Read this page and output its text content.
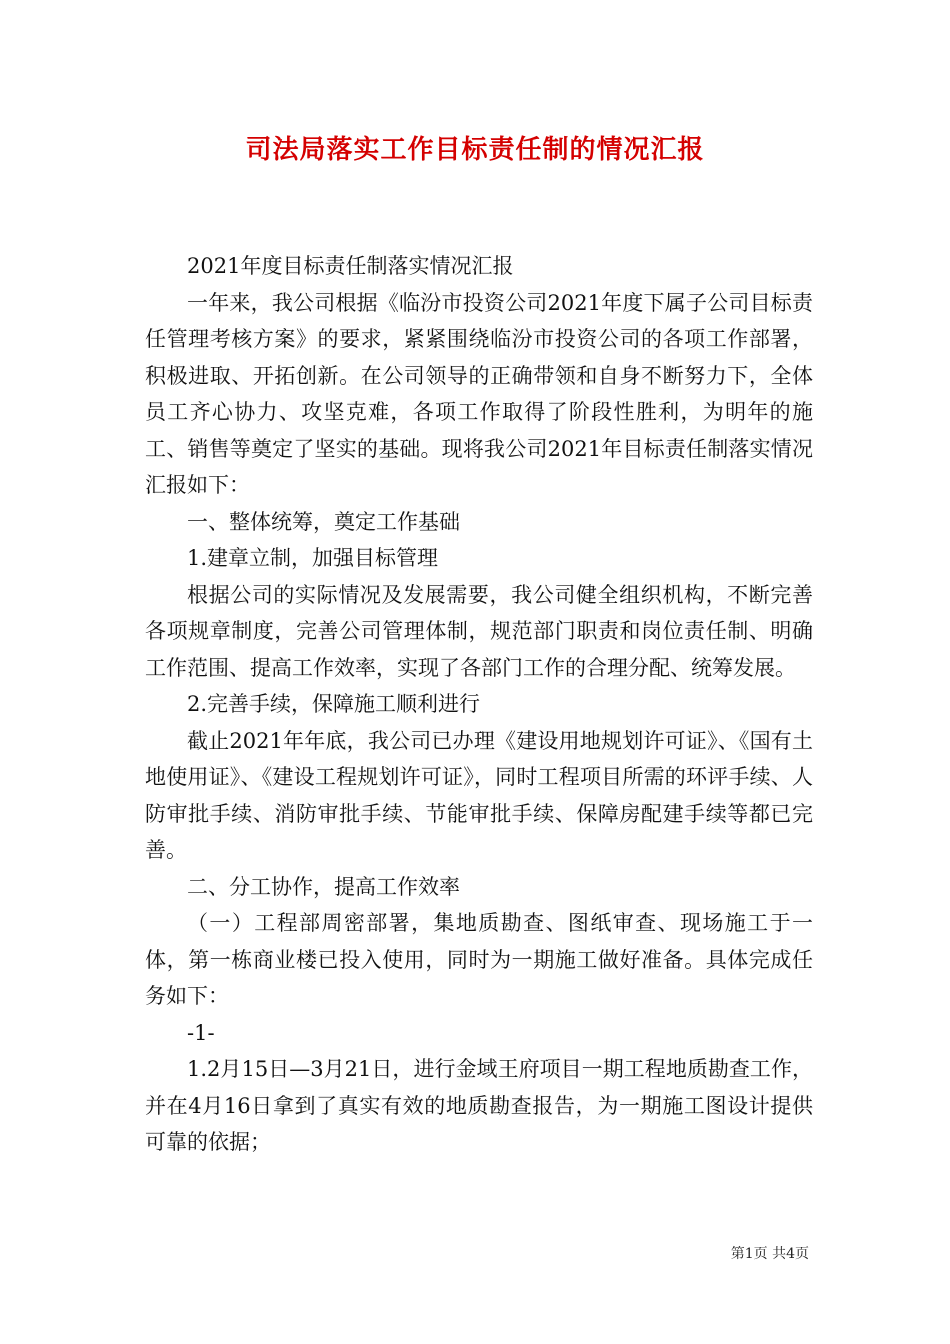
司法局落实工作目标责任制的情况汇报

2021年度目标责任制落实情况汇报

一年来，我公司根据《临汾市投资公司2021年度下属子公司目标责任管理考核方案》的要求，紧紧围绕临汾市投资公司的各项工作部署，积极进取、开拓创新。在公司领导的正确带领和自身不断努力下，全体员工齐心协力、攻坚克难，各项工作取得了阶段性胜利，为明年的施工、销售等奠定了坚实的基础。现将我公司2021年目标责任制落实情况汇报如下：

一、整体统筹，奠定工作基础

1.建章立制，加强目标管理

根据公司的实际情况及发展需要，我公司健全组织机构，不断完善各项规章制度，完善公司管理体制，规范部门职责和岗位责任制、明确工作范围、提高工作效率，实现了各部门工作的合理分配、统筹发展。

2.完善手续，保障施工顺利进行

截止2021年年底，我公司已办理《建设用地规划许可证》、《国有土地使用证》、《建设工程规划许可证》，同时工程项目所需的环评手续、人防审批手续、消防审批手续、节能审批手续、保障房配建手续等都已完善。

二、分工协作，提高工作效率

（一）工程部周密部署，集地质勘查、图纸审查、现场施工于一体，第一栋商业楼已投入使用，同时为一期施工做好准备。具体完成任务如下：

-1-

1.2月15日—3月21日，进行金域王府项目一期工程地质勘查工作，并在4月16日拿到了真实有效的地质勘查报告，为一期施工图设计提供可靠的依据；

第1页 共4页
